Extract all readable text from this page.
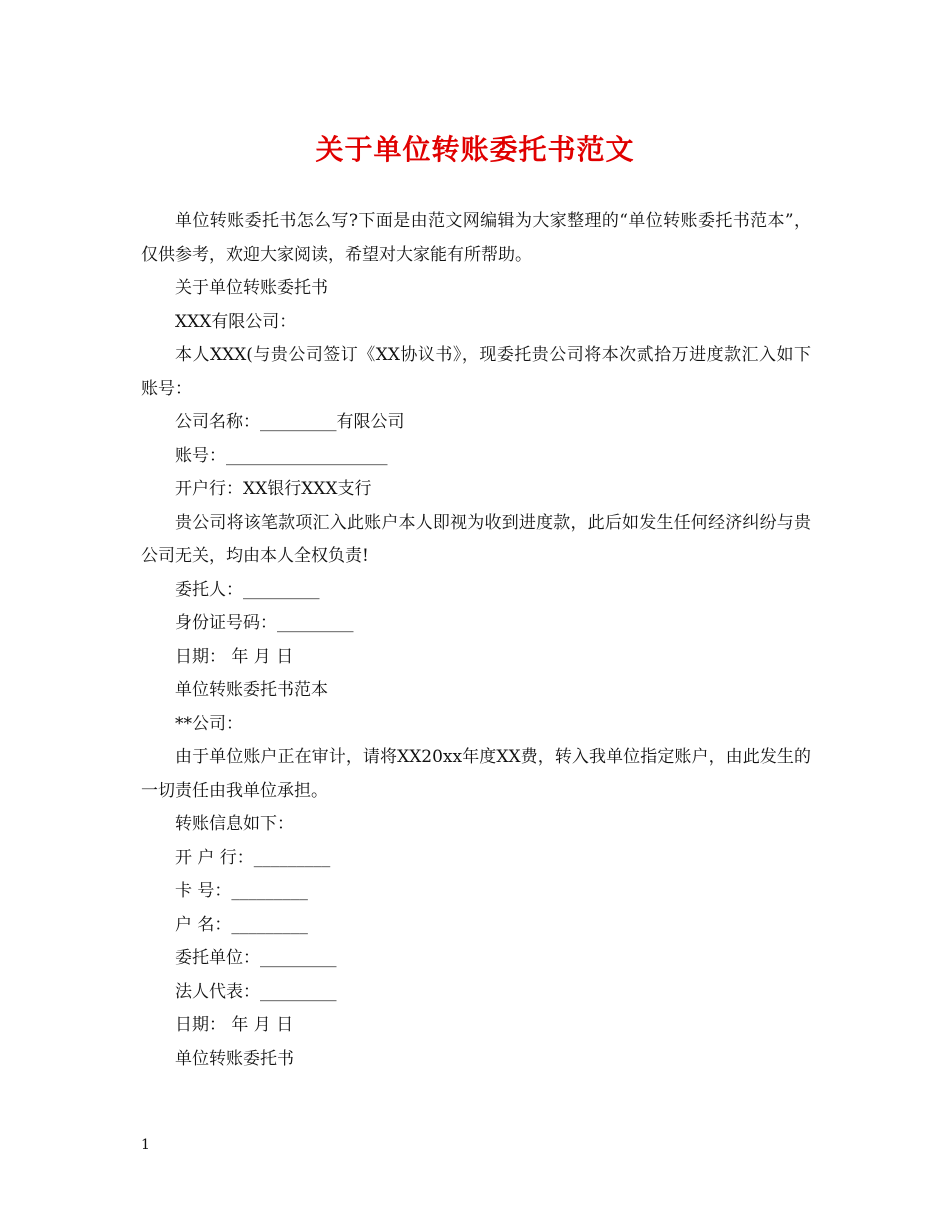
关于单位转账委托书范文

单位转账委托书怎么写?下面是由范文网编辑为大家整理的“单位转账委托书范本”，仅供参考，欢迎大家阅读，希望对大家能有所帮助。

关于单位转账委托书

XXX有限公司：

本人XXX(与贵公司签订《XX协议书》，现委托贵公司将本次贰拾万进度款汇入如下账号：

公司名称：_________有限公司

账号：___________________

开户行：XX银行XXX支行

贵公司将该笔款项汇入此账户本人即视为收到进度款，此后如发生任何经济纠纷与贵公司无关，均由本人全权负责!

委托人：_________

身份证号码：_________

日期： 年 月 日

单位转账委托书范本

**公司：

由于单位账户正在审计，请将XX20xx年度XX费，转入我单位指定账户，由此发生的一切责任由我单位承担。

转账信息如下：

开 户 行：_________

卡 号：_________

户 名：_________

委托单位：_________

法人代表：_________

日期： 年 月 日

单位转账委托书

1
